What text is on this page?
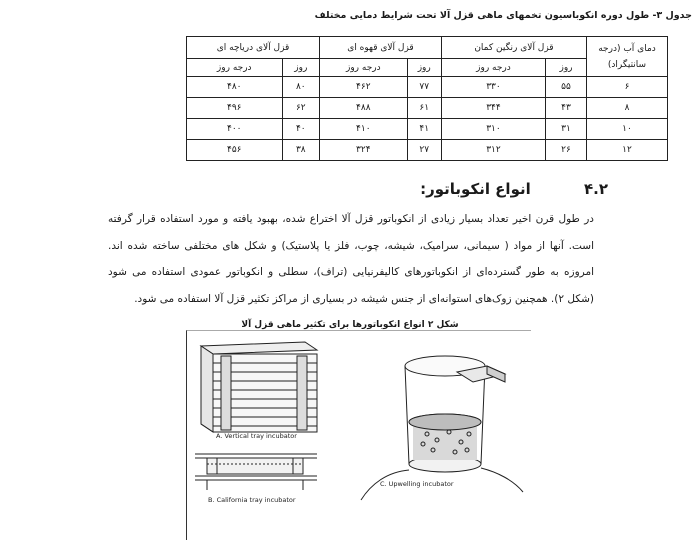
جدول ۳- طول دوره انکوباسیون تخمهای ماهی قزل آلا تحت شرایط دمایی مختلف
دمای آب (درجه
سانتیگراد)	قزل آلای رنگین کمان		قزل آلای قهوه ای		قزل آلای دریاچه ای	
	روز	درجه روز	روز	درجه روز	روز	درجه روز
۶	۵۵	۳۳۰	۷۷	۴۶۲	۸۰	۴۸۰
۸	۴۳	۳۴۴	۶۱	۴۸۸	۶۲	۴۹۶
۱۰	۳۱	۳۱۰	۴۱	۴۱۰	۴۰	۴۰۰
۱۲	۲۶	۳۱۲	۲۷	۳۲۴	۳۸	۴۵۶
۴.۲ انواع انکوباتور:

در طول قرن اخیر تعداد بسیار زیادی از انکوباتور قزل آلا اختراع شده، بهبود یافته و مورد استفاده قرار گرفته است. آنها از مواد ( سیمانی، سرامیک، شیشه، چوب، فلز یا پلاستیک) و شکل های مختلفی ساخته شده اند. امروزه به طور گسترده‌ای از انکوباتورهای کالیفرنیایی (تراف)، سطلی و انکوباتور عمودی استفاده می شود (شکل ۲). همچنین زوک‌های استوانه‌ای از جنس شیشه در بسیاری از مراکز تکثیر قزل آلا استفاده می شود.

شکل ۲ انواع انکوباتورها برای تکثیر ماهی قزل آلا
A. Vertical tray incubator
B. California tray incubator
C. Upwelling incubator
